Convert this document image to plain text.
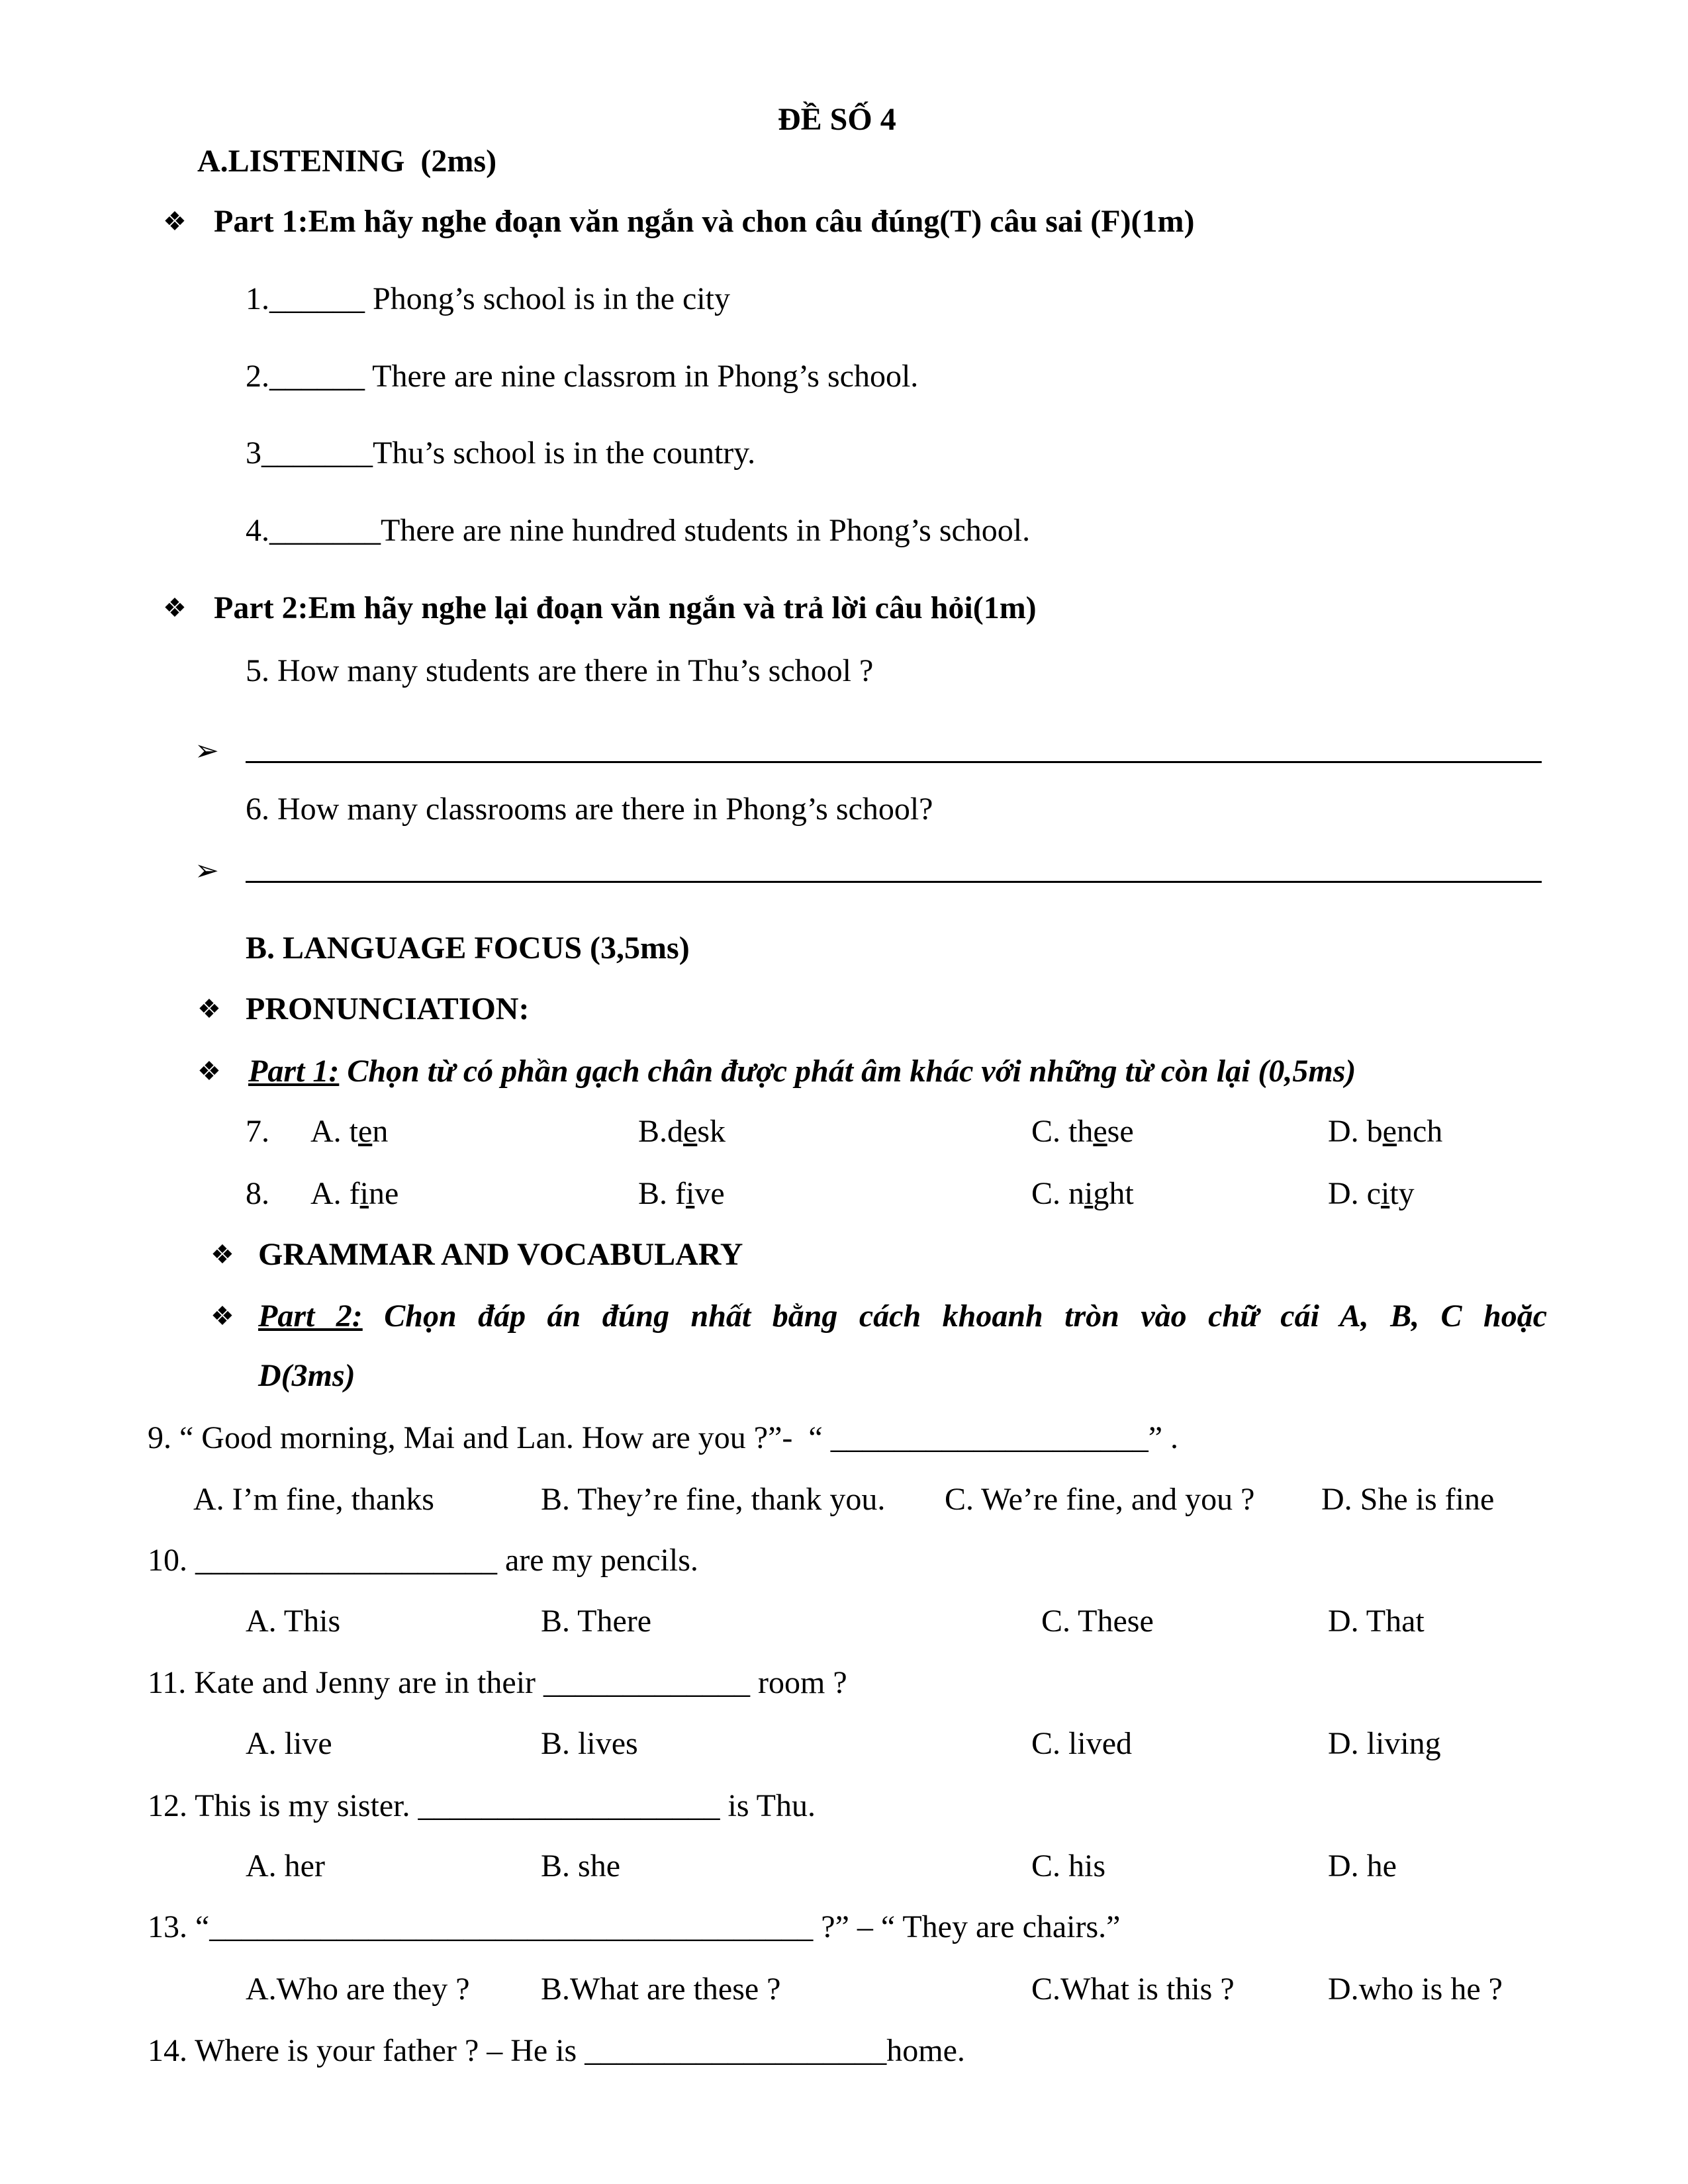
ĐỀ SỐ 4
A.LISTENING  (2ms)
❖ Part 1:Em hãy nghe đoạn văn ngắn và chon câu đúng(T) câu sai (F)(1m)
1.______ Phong’s school is in the city
2.______ There are nine classrom in Phong’s school.
3_______Thu’s school is in the country.
4._______There are nine hundred students in Phong’s school.
❖ Part 2:Em hãy nghe lại đoạn văn ngắn và trả lời câu hỏi(1m)
5. How many students are there in Thu’s school ?
➢
6. How many classrooms are there in Phong’s school?
➢
B. LANGUAGE FOCUS (3,5ms)
❖ PRONUNCIATION:
❖ Part 1: Chọn từ có phần gạch chân được phát âm khác với những từ còn lại (0,5ms)
7. A. ten	B.desk	C. these	D. bench
8. A. fine	B. five	C. night	D. city
❖ GRAMMAR AND VOCABULARY
❖ Part 2: Chọn đáp án đúng nhất bằng cách khoanh tròn vào chữ cái A, B, C hoặc
D(3ms)
9. “ Good morning, Mai and Lan. How are you ?”-  “ ____________________” .
A. I’m fine, thanks	B. They’re fine, thank you. C. We’re fine, and you ? D. She is fine
10. ___________________ are my pencils.
A. This	B. There	C. These	D. That
11. Kate and Jenny are in their _____________ room ?
A. live	B. lives	C. lived	D. living
12. This is my sister. ___________________ is Thu.
A. her	B. she	C. his	D. he
13. “______________________________________ ?” – “ They are chairs.”
A.Who are they ? B.What are these ?	C.What is this ?	D.who is he ?
14. Where is your father ? – He is ___________________home.
